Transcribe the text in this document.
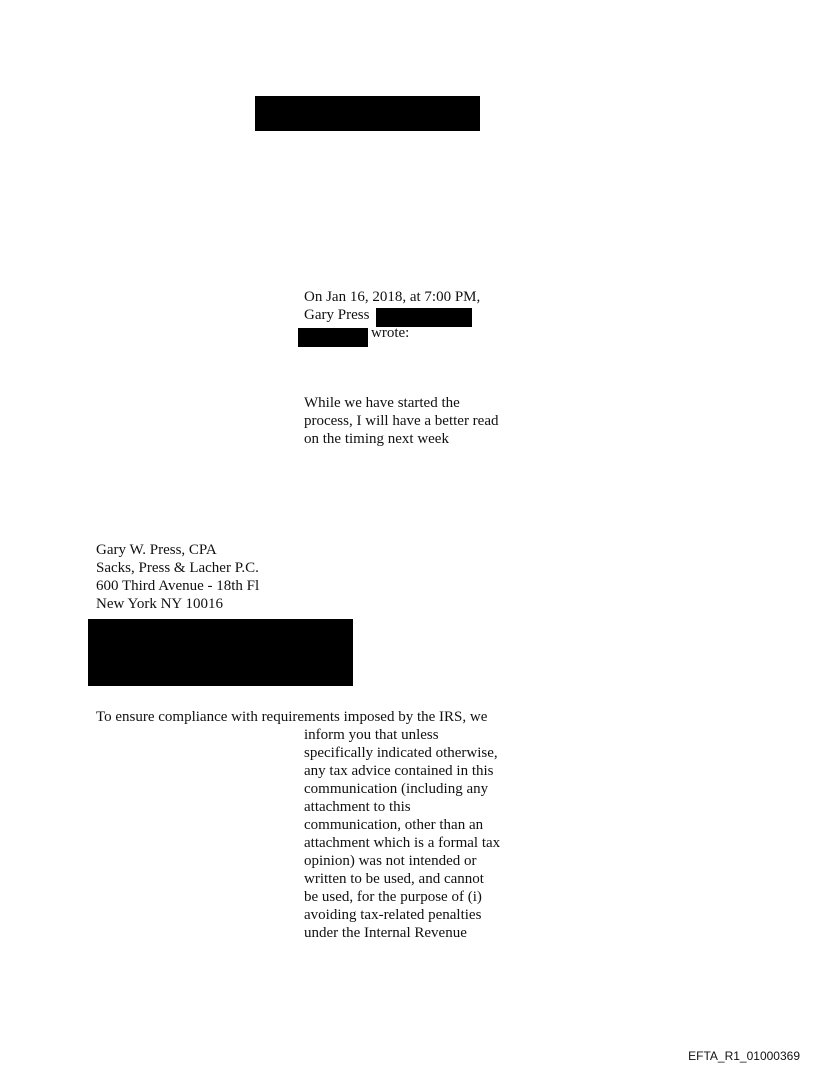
On Jan 16, 2018, at 7:00 PM,
Gary Press
wrote:
While we have started the
process, I will have a better read
on the timing next week
Gary W. Press, CPA
Sacks, Press & Lacher P.C.
600 Third Avenue - 18th Fl
New York NY 10016
To ensure compliance with requirements imposed by the IRS, we
inform you that unless
specifically indicated otherwise,
any tax advice contained in this
communication (including any
attachment to this
communication, other than an
attachment which is a formal tax
opinion) was not intended or
written to be used, and cannot
be used, for the purpose of (i)
avoiding tax-related penalties
under the Internal Revenue
EFTA_R1_01000369
